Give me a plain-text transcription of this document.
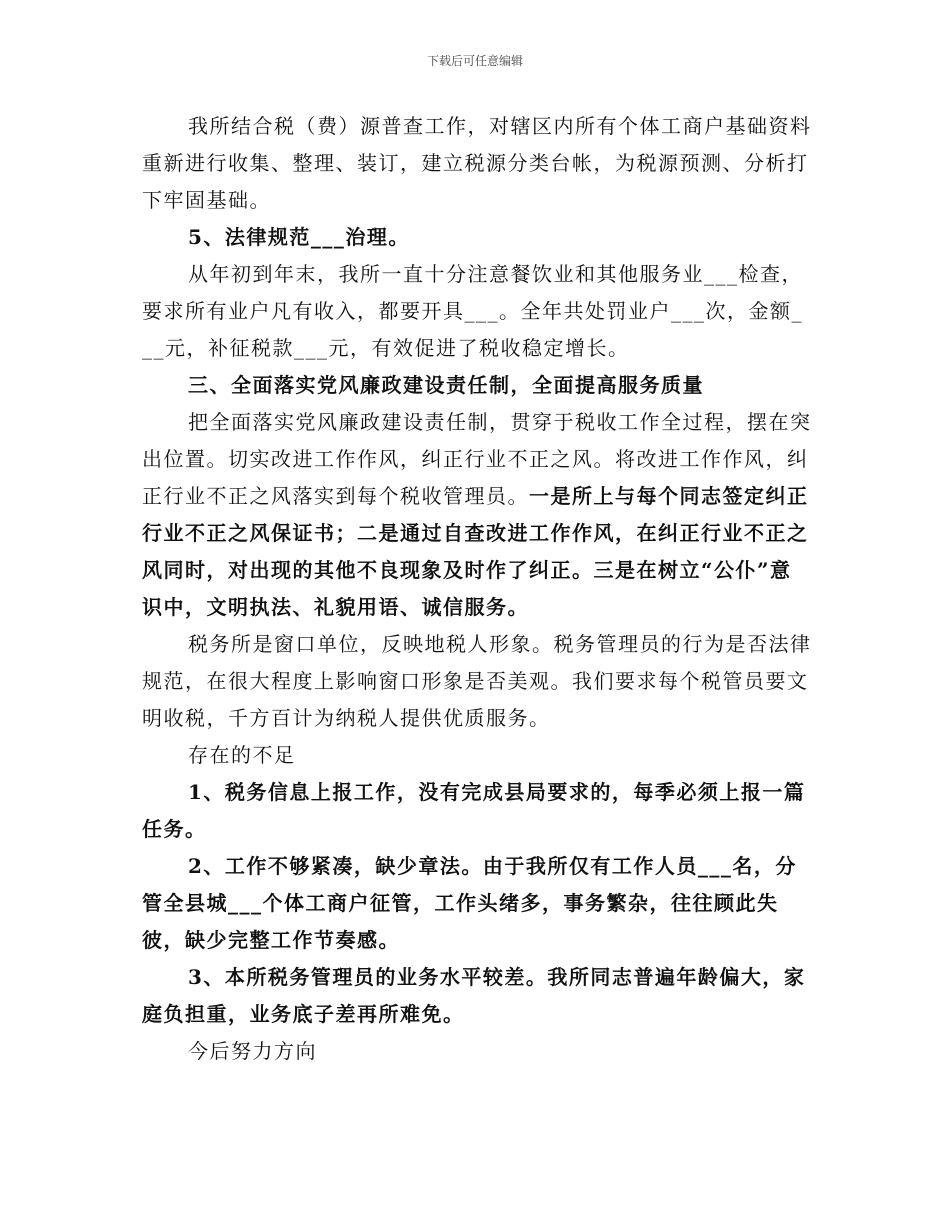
下载后可任意编辑

我所结合税（费）源普查工作，对辖区内所有个体工商户基础资料重新进行收集、整理、装订，建立税源分类台帐，为税源预测、分析打下牢固基础。

5、法律规范___治理。

从年初到年末，我所一直十分注意餐饮业和其他服务业___检查，要求所有业户凡有收入，都要开具___。全年共处罚业户___次，金额___元，补征税款___元，有效促进了税收稳定增长。

三、全面落实党风廉政建设责任制，全面提高服务质量

把全面落实党风廉政建设责任制，贯穿于税收工作全过程，摆在突出位置。切实改进工作作风，纠正行业不正之风。将改进工作作风，纠正行业不正之风落实到每个税收管理员。一是所上与每个同志签定纠正行业不正之风保证书；二是通过自查改进工作作风，在纠正行业不正之风同时，对出现的其他不良现象及时作了纠正。三是在树立“公仆”意识中，文明执法、礼貌用语、诚信服务。

税务所是窗口单位，反映地税人形象。税务管理员的行为是否法律规范，在很大程度上影响窗口形象是否美观。我们要求每个税管员要文明收税，千方百计为纳税人提供优质服务。

存在的不足

1、税务信息上报工作，没有完成县局要求的，每季必须上报一篇任务。

2、工作不够紧凑，缺少章法。由于我所仅有工作人员___名，分管全县城___个体工商户征管，工作头绪多，事务繁杂，往往顾此失彼，缺少完整工作节奏感。

3、本所税务管理员的业务水平较差。我所同志普遍年龄偏大，家庭负担重，业务底子差再所难免。

今后努力方向
